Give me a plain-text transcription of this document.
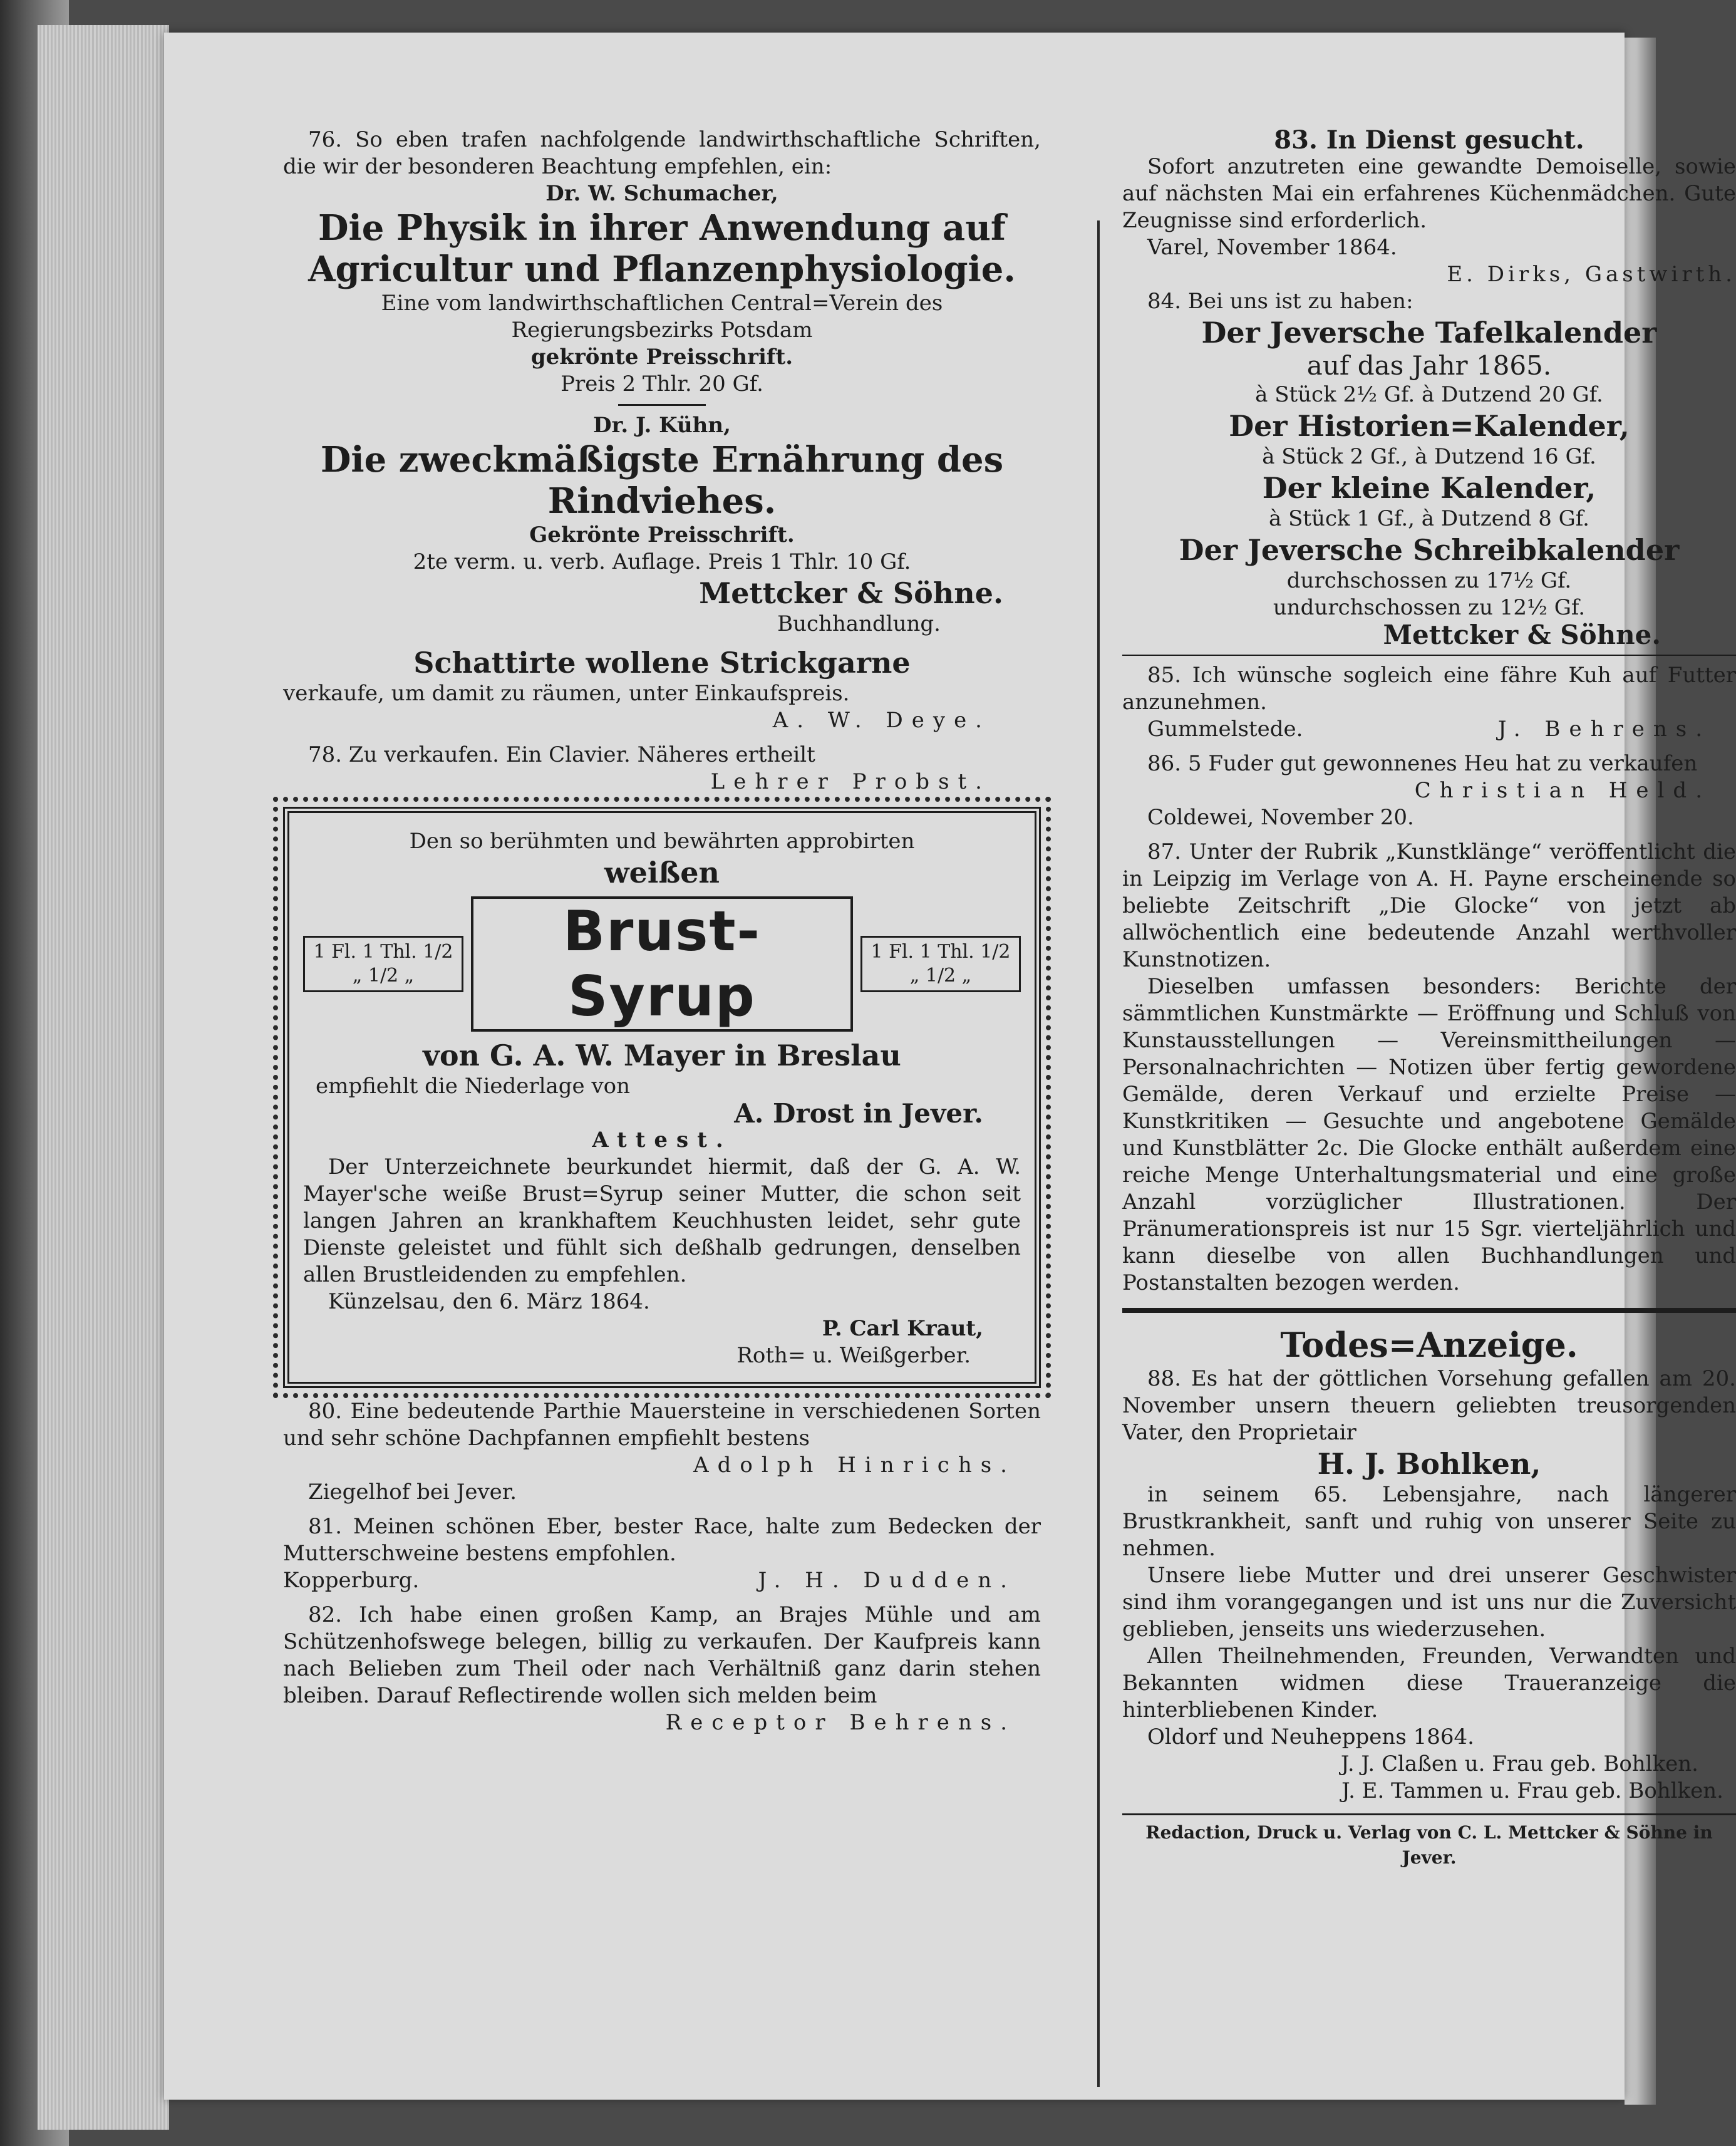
76. So eben trafen nachfolgende landwirthschaftliche Schriften, die wir der besonderen Beachtung empfehlen, ein:

Dr. W. Schumacher,

Die Physik in ihrer Anwendung auf Agricultur und Pflanzenphysiologie.

Eine vom landwirthschaftlichen Central=Verein des Regierungsbezirks Potsdam

gekrönte Preisschrift.

Preis 2 Thlr. 20 Gf.

Dr. J. Kühn,

Die zweckmäßigste Ernährung des Rindviehes.

Gekrönte Preisschrift.

2te verm. u. verb. Auflage. Preis 1 Thlr. 10 Gf.

Mettcker & Söhne.

Buchhandlung.

Schattirte wollene Strickgarne

verkaufe, um damit zu räumen, unter Einkaufspreis.

A. W. Deye.

78. Zu verkaufen. Ein Clavier. Näheres ertheilt

Lehrer Probst.

Den so berühmten und bewährten approbirten

weißen

1 Fl. 1 Thl. 1/2 „ 1/2 „
Brust-Syrup
1 Fl. 1 Thl. 1/2 „ 1/2 „

von G. A. W. Mayer in Breslau

empfiehlt die Niederlage von

A. Drost in Jever.

Attest.

Der Unterzeichnete beurkundet hiermit, daß der G. A. W. Mayer'sche weiße Brust=Syrup seiner Mutter, die schon seit langen Jahren an krankhaftem Keuchhusten leidet, sehr gute Dienste geleistet und fühlt sich deßhalb gedrungen, denselben allen Brustleidenden zu empfehlen.

Künzelsau, den 6. März 1864.

P. Carl Kraut,

Roth= u. Weißgerber.

80. Eine bedeutende Parthie Mauersteine in verschiedenen Sorten und sehr schöne Dachpfannen empfiehlt bestens

Adolph Hinrichs.

Ziegelhof bei Jever.

81. Meinen schönen Eber, bester Race, halte zum Bedecken der Mutterschweine bestens empfohlen.

Kopperburg.	J. H. Dudden.

82. Ich habe einen großen Kamp, an Brajes Mühle und am Schützenhofswege belegen, billig zu verkaufen. Der Kaufpreis kann nach Belieben zum Theil oder nach Verhältniß ganz darin stehen bleiben. Darauf Reflectirende wollen sich melden beim

Receptor Behrens.

83. In Dienst gesucht.

Sofort anzutreten eine gewandte Demoiselle, sowie auf nächsten Mai ein erfahrenes Küchenmädchen. Gute Zeugnisse sind erforderlich.

Varel, November 1864.

E. Dirks, Gastwirth.

84. Bei uns ist zu haben:

Der Jeversche Tafelkalender

auf das Jahr 1865.

à Stück 2½ Gf. à Dutzend 20 Gf.

Der Historien=Kalender,

à Stück 2 Gf., à Dutzend 16 Gf.

Der kleine Kalender,

à Stück 1 Gf., à Dutzend 8 Gf.

Der Jeversche Schreibkalender

durchschossen zu 17½ Gf.

undurchschossen zu 12½ Gf.

Mettcker & Söhne.

85. Ich wünsche sogleich eine fähre Kuh auf Futter anzunehmen.

Gummelstede.	J. Behrens.

86. 5 Fuder gut gewonnenes Heu hat zu verkaufen

Christian Held.

Coldewei, November 20.

87. Unter der Rubrik „Kunstklänge“ veröffentlicht die in Leipzig im Verlage von A. H. Payne erscheinende so beliebte Zeitschrift „Die Glocke“ von jetzt ab allwöchentlich eine bedeutende Anzahl werthvoller Kunstnotizen.

Dieselben umfassen besonders: Berichte der sämmtlichen Kunstmärkte — Eröffnung und Schluß von Kunstausstellungen — Vereinsmittheilungen — Personalnachrichten — Notizen über fertig gewordene Gemälde, deren Verkauf und erzielte Preise — Kunstkritiken — Gesuchte und angebotene Gemälde und Kunstblätter 2c. Die Glocke enthält außerdem eine reiche Menge Unterhaltungsmaterial und eine große Anzahl vorzüglicher Illustrationen. Der Pränumerationspreis ist nur 15 Sgr. vierteljährlich und kann dieselbe von allen Buchhandlungen und Postanstalten bezogen werden.

Todes=Anzeige.

88. Es hat der göttlichen Vorsehung gefallen am 20. November unsern theuern geliebten treusorgenden Vater, den Proprietair

H. J. Bohlken,

in seinem 65. Lebensjahre, nach längerer Brustkrankheit, sanft und ruhig von unserer Seite zu nehmen.

Unsere liebe Mutter und drei unserer Geschwister sind ihm vorangegangen und ist uns nur die Zuversicht geblieben, jenseits uns wiederzusehen.

Allen Theilnehmenden, Freunden, Verwandten und Bekannten widmen diese Traueranzeige die hinterbliebenen Kinder.

Oldorf und Neuheppens 1864.

J. J. Claßen u. Frau geb. Bohlken.

J. E. Tammen u. Frau geb. Bohlken.

Redaction, Druck u. Verlag von C. L. Mettcker & Söhne in Jever.
